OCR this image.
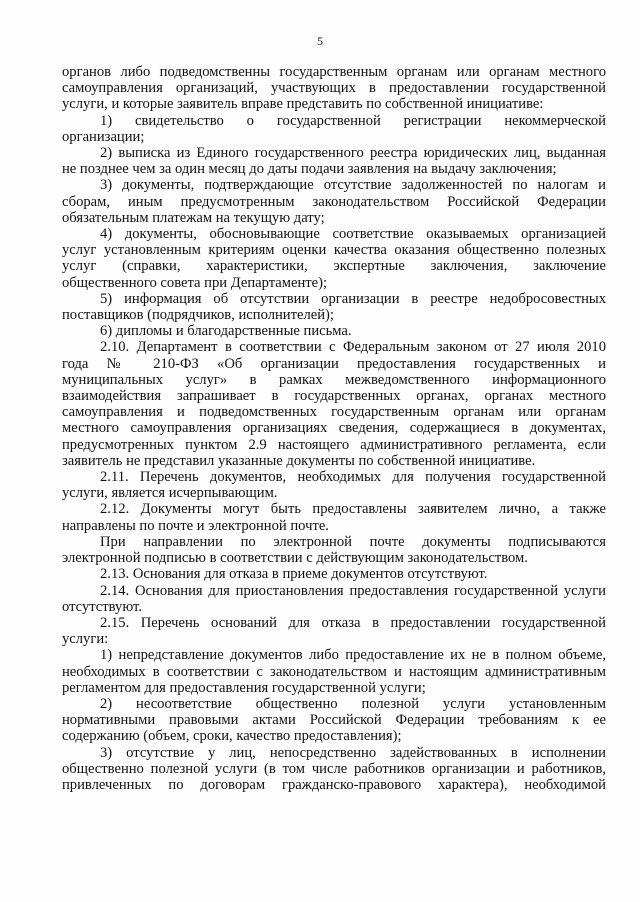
5
органов либо подведомственны государственным органам или органам местного
самоуправления организаций, участвующих в предоставлении государственной
услуги, и которые заявитель вправе представить по собственной инициативе:
1) свидетельство о государственной регистрации некоммерческой
организации;
2) выписка из Единого государственного реестра юридических лиц, выданная
не позднее чем за один месяц до даты подачи заявления на выдачу заключения;
3) документы, подтверждающие отсутствие задолженностей по налогам и
сборам, иным предусмотренным законодательством Российской Федерации
обязательным платежам на текущую дату;
4) документы, обосновывающие соответствие оказываемых организацией
услуг установленным критериям оценки качества оказания общественно полезных
услуг (справки, характеристики, экспертные заключения, заключение
общественного совета при Департаменте);
5) информация об отсутствии организации в реестре недобросовестных
поставщиков (подрядчиков, исполнителей);
6) дипломы и благодарственные письма.
2.10. Департамент в соответствии с Федеральным законом от 27 июля 2010
года № 210-ФЗ «Об организации предоставления государственных и
муниципальных услуг» в рамках межведомственного информационного
взаимодействия запрашивает в государственных органах, органах местного
самоуправления и подведомственных государственным органам или органам
местного самоуправления организациях сведения, содержащиеся в документах,
предусмотренных пунктом 2.9 настоящего административного регламента, если
заявитель не представил указанные документы по собственной инициативе.
2.11. Перечень документов, необходимых для получения государственной
услуги, является исчерпывающим.
2.12. Документы могут быть предоставлены заявителем лично, а также
направлены по почте и электронной почте.
При направлении по электронной почте документы подписываются
электронной подписью в соответствии с действующим законодательством.
2.13. Основания для отказа в приеме документов отсутствуют.
2.14. Основания для приостановления предоставления государственной услуги
отсутствуют.
2.15. Перечень оснований для отказа в предоставлении государственной
услуги:
1) непредставление документов либо предоставление их не в полном объеме,
необходимых в соответствии с законодательством и настоящим административным
регламентом для предоставления государственной услуги;
2) несоответствие общественно полезной услуги установленным
нормативными правовыми актами Российской Федерации требованиям к ее
содержанию (объем, сроки, качество предоставления);
3) отсутствие у лиц, непосредственно задействованных в исполнении
общественно полезной услуги (в том числе работников организации и работников,
привлеченных по договорам гражданско-правового характера), необходимой
